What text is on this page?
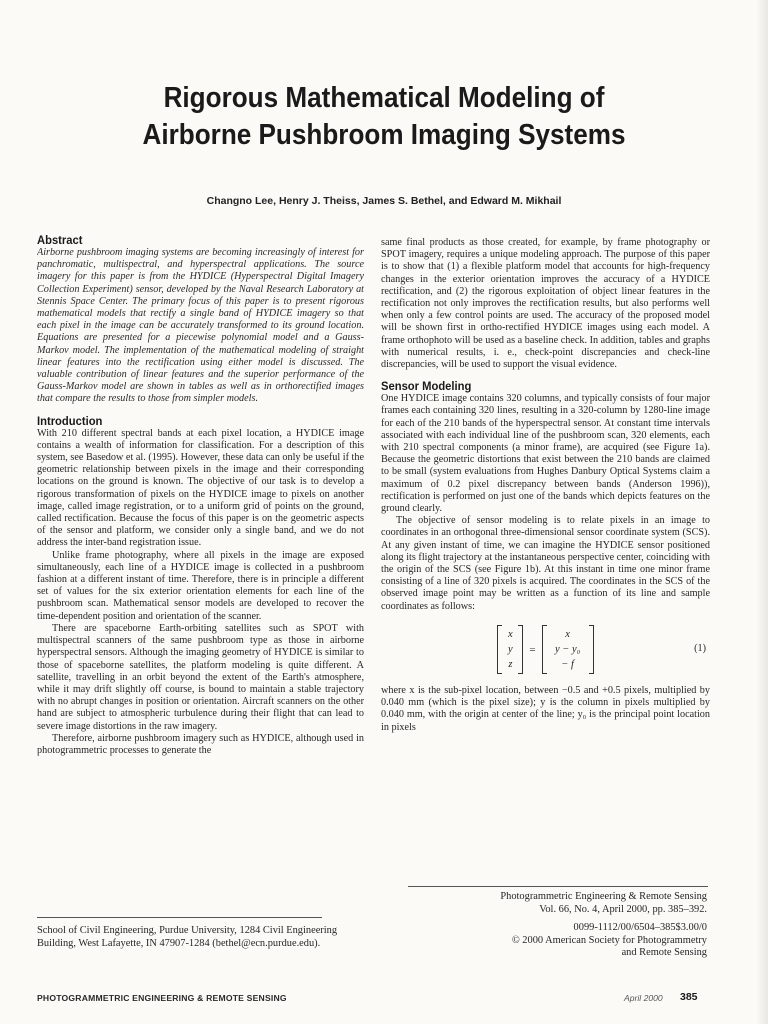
Rigorous Mathematical Modeling of
Airborne Pushbroom Imaging Systems
Changno Lee, Henry J. Theiss, James S. Bethel, and Edward M. Mikhail
Abstract

Airborne pushbroom imaging systems are becoming increasingly of interest for panchromatic, multispectral, and hyperspectral applications. The source imagery for this paper is from the HYDICE (Hyperspectral Digital Imagery Collection Experiment) sensor, developed by the Naval Research Laboratory at Stennis Space Center. The primary focus of this paper is to present rigorous mathematical models that rectify a single band of HYDICE imagery so that each pixel in the image can be accurately transformed to its ground location. Equations are presented for a piecewise polynomial model and a Gauss-Markov model. The implementation of the mathematical modeling of straight linear features into the rectification using either model is discussed. The valuable contribution of linear features and the superior performance of the Gauss-Markov model are shown in tables as well as in orthorectified images that compare the results to those from simpler models.

Introduction

With 210 different spectral bands at each pixel location, a HYDICE image contains a wealth of information for classification. For a description of this system, see Basedow et al. (1995). However, these data can only be useful if the geometric relationship between pixels in the image and their corresponding locations on the ground is known. The objective of our task is to develop a rigorous transformation of pixels on the HYDICE image to pixels on another image, called image registration, or to a uniform grid of points on the ground, called rectification. Because the focus of this paper is on the geometric aspects of the sensor and platform, we consider only a single band, and we do not address the inter-band registration issue.

Unlike frame photography, where all pixels in the image are exposed simultaneously, each line of a HYDICE image is collected in a pushbroom fashion at a different instant of time. Therefore, there is in principle a different set of values for the six exterior orientation elements for each line of the pushbroom scan. Mathematical sensor models are developed to recover the time-dependent position and orientation of the scanner.

There are spaceborne Earth-orbiting satellites such as SPOT with multispectral scanners of the same pushbroom type as those in airborne hyperspectral sensors. Although the imaging geometry of HYDICE is similar to those of spaceborne satellites, the platform modeling is quite different. A satellite, travelling in an orbit beyond the extent of the Earth's atmosphere, while it may drift slightly off course, is bound to maintain a stable trajectory with no abrupt changes in position or orientation. Aircraft scanners on the other hand are subject to atmospheric turbulence during their flight that can lead to severe image distortions in the raw imagery.

Therefore, airborne pushbroom imagery such as HYDICE, although used in photogrammetric processes to generate the

same final products as those created, for example, by frame photography or SPOT imagery, requires a unique modeling approach. The purpose of this paper is to show that (1) a flexible platform model that accounts for high-frequency changes in the exterior orientation improves the accuracy of a HYDICE rectification, and (2) the rigorous exploitation of object linear features in the rectification not only improves the rectification results, but also performs well when only a few control points are used. The accuracy of the proposed model will be shown first in ortho-rectified HYDICE images using each model. A frame orthophoto will be used as a baseline check. In addition, tables and graphs with numerical results, i. e., check-point discrepancies and check-line discrepancies, will be used to support the visual evidence.

Sensor Modeling

One HYDICE image contains 320 columns, and typically consists of four major frames each containing 320 lines, resulting in a 320-column by 1280-line image for each of the 210 bands of the hyperspectral sensor. At constant time intervals associated with each individual line of the pushbroom scan, 320 elements, each with 210 spectral components (a minor frame), are acquired (see Figure 1a). Because the geometric distortions that exist between the 210 bands are claimed to be small (system evaluations from Hughes Danbury Optical Systems claim a maximum of 0.2 pixel discrepancy between bands (Anderson 1996)), rectification is performed on just one of the bands which depicts features on the ground clearly.

The objective of sensor modeling is to relate pixels in an image to coordinates in an orthogonal three-dimensional sensor coordinate system (SCS). At any given instant of time, we can imagine the HYDICE sensor positioned along its flight trajectory at the instantaneous perspective center, coinciding with the origin of the SCS (see Figure 1b). At this instant in time one minor frame consisting of a line of 320 pixels is acquired. The coordinates in the SCS of the observed image point may be written as a function of its line and sample coordinates as follows:

x
y
z
=
x
y − y₀
− f
(1)

where x is the sub-pixel location, between −0.5 and +0.5 pixels, multiplied by 0.040 mm (which is the pixel size); y is the column in pixels multiplied by 0.040 mm, with the origin at center of the line; y₀ is the principal point location in pixels

Photogrammetric Engineering & Remote Sensing
Vol. 66, No. 4, April 2000, pp. 385–392.
0099-1112/00/6504–385$3.00/0
© 2000 American Society for Photogrammetry
and Remote Sensing
School of Civil Engineering, Purdue University, 1284 Civil Engineering Building, West Lafayette, IN 47907-1284 (bethel@ecn.purdue.edu).
PHOTOGRAMMETRIC ENGINEERING & REMOTE SENSING	April 2000 385
